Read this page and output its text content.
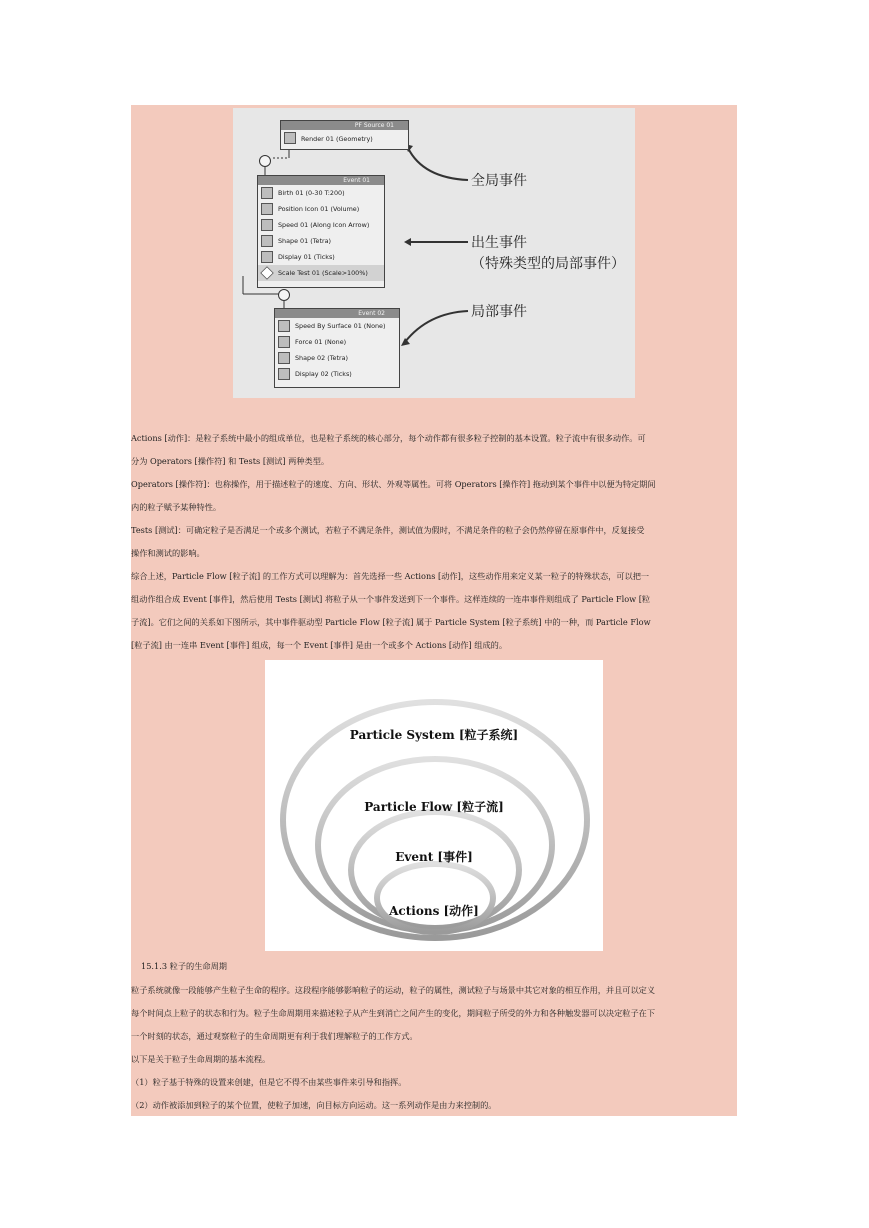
PF Source 01
Render 01 (Geometry)
Event 01
Birth 01 (0-30 T:200)
Position Icon 01 (Volume)
Speed 01 (Along Icon Arrow)
Shape 01 (Tetra)
Display 01 (Ticks)
Scale Test 01 (Scale>100%)
Event 02
Speed By Surface 01 (None)
Force 01 (None)
Shape 02 (Tetra)
Display 02 (Ticks)
全局事件
出生事件
（特殊类型的局部事件）
局部事件
Actions [动作]：是粒子系统中最小的组成单位，也是粒子系统的核心部分，每个动作都有很多粒子控制的基本设置。粒子流中有很多动作。可
分为 Operators [操作符] 和 Tests [测试] 两种类型。
Operators [操作符]：也称操作，用于描述粒子的速度、方向、形状、外观等属性。可将 Operators [操作符] 拖动到某个事件中以便为特定期间
内的粒子赋予某种特性。
Tests [测试]：可确定粒子是否满足一个或多个测试，若粒子不满足条件，测试值为假时，不满足条件的粒子会仍然停留在原事件中，反复接受
操作和测试的影响。
综合上述，Particle Flow [粒子流] 的工作方式可以理解为：首先选择一些 Actions [动作]，这些动作用来定义某一粒子的特殊状态，可以把一
组动作组合成 Event [事件]，然后使用 Tests [测试] 将粒子从一个事件发送到下一个事件。这样连续的一连串事件则组成了 Particle Flow [粒
子流]。它们之间的关系如下图所示，其中事件驱动型 Particle Flow [粒子流] 属于 Particle System [粒子系统] 中的一种，而 Particle Flow
[粒子流] 由一连串 Event [事件] 组成，每一个 Event [事件] 是由一个或多个 Actions [动作] 组成的。
Particle System [粒子系统]
Particle Flow [粒子流]
Event [事件]
Actions [动作]
15.1.3 粒子的生命周期
粒子系统就像一段能够产生粒子生命的程序。这段程序能够影响粒子的运动，粒子的属性，测试粒子与场景中其它对象的相互作用，并且可以定义
每个时间点上粒子的状态和行为。粒子生命周期用来描述粒子从产生到消亡之间产生的变化，期间粒子所受的外力和各种触发器可以决定粒子在下
一个时刻的状态，通过观察粒子的生命周期更有利于我们理解粒子的工作方式。
以下是关于粒子生命周期的基本流程。
（1）粒子基于特殊的设置来创建，但是它不得不由某些事件来引导和指挥。
（2）动作被添加到粒子的某个位置，使粒子加速，向目标方向运动。这一系列动作是由力来控制的。
